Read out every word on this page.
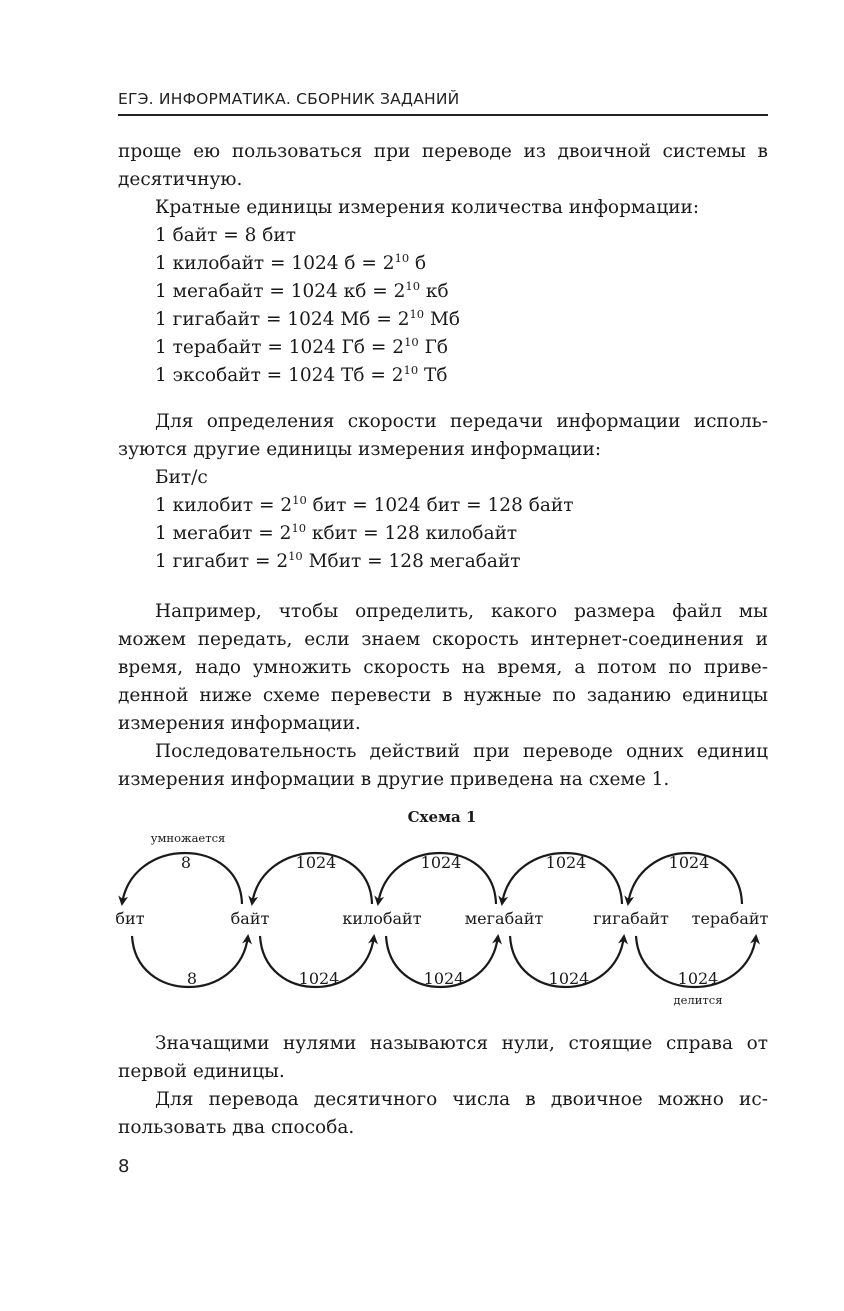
ЕГЭ. ИНФОРМАТИКА. СБОРНИК ЗАДАНИЙ
проще ею пользоваться при переводе из двоичной системы в
десятичную.
Кратные единицы измерения количества информации:
1 байт = 8 бит
1 килобайт = 1024 $б = 2^{10}$ б
1 мегабайт = 1024 кб = $2^{10}$ кб
1 гигабайт = 1024 Мб = $2^{10}$ Мб
1 терабайт = 1024 Гб = $2^{10}$ Гб
1 эксобайт = 1024 Тб = $2^{10}$ Тб
Для определения скорости передачи информации исполь-
зуются другие единицы измерения информации:
Бит/с
1 килобит = $2^{10}$ бит = 1024 бит = 128 байт
1 мегабит = $2^{10}$ кбит = 128 килобайт
1 гигабит = $2^{10}$ Мбит = 128 мегабайт
Например, чтобы определить, какого размера файл мы
можем передать, если знаем скорость интернет-соединения и
время, надо умножить скорость на время, а потом по приве-
денной ниже схеме перевести в нужные по заданию единицы
измерения информации.
Последовательность действий при переводе одних единиц
измерения информации в другие приведена на схеме 1.
Значащими нулями называются нули, стоящие справа от
первой единицы.
Для перевода десятичного числа в двоичное можно ис-
пользовать два способа.
Схема 1
бит	байт	килобайт	мегабайт	гигабайт терабайт
8	1024	1024	1024	1024
8	1024	1024	1024	1024
умножается
делится
8
